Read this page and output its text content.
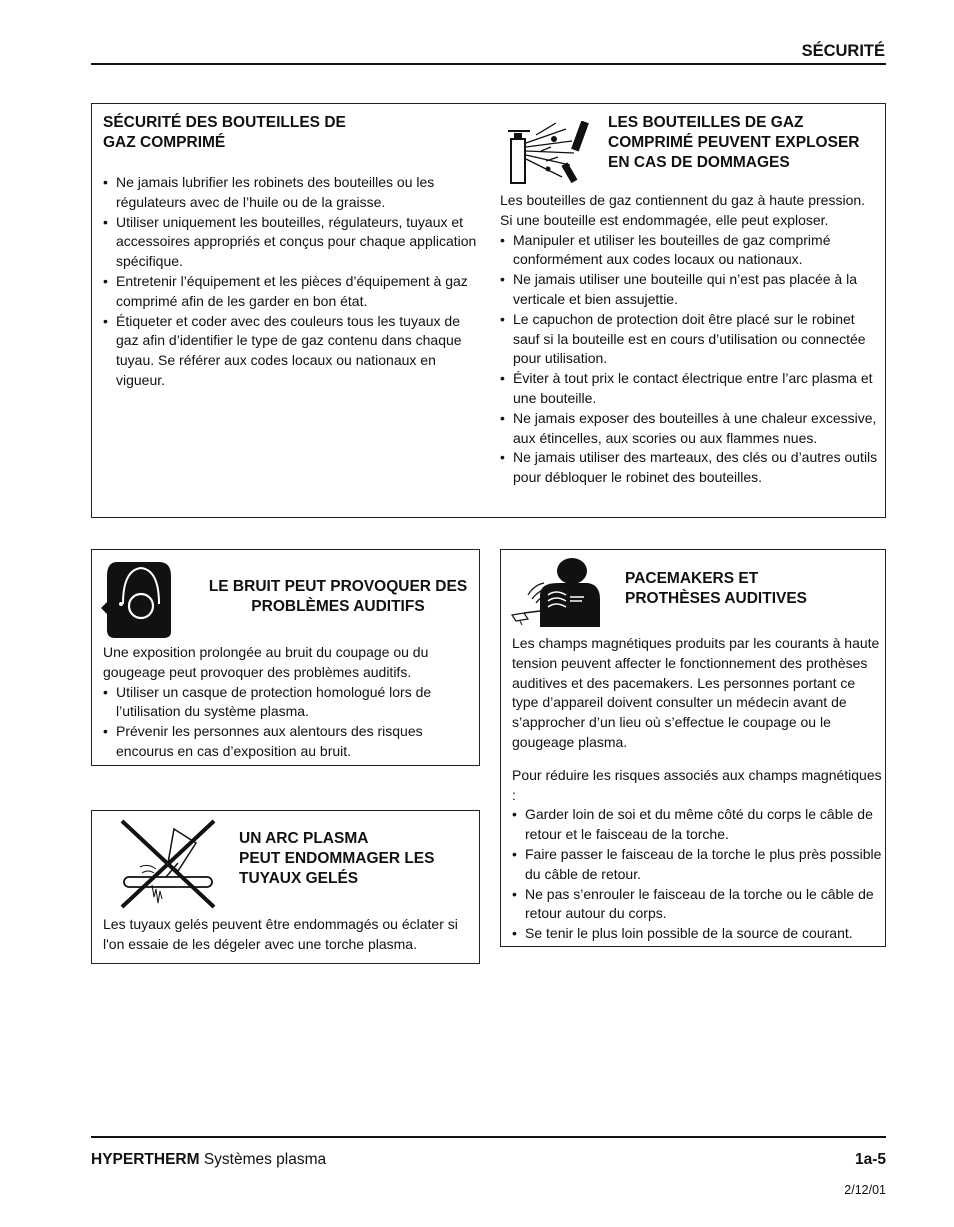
SÉCURITÉ
SÉCURITÉ DES BOUTEILLES DE
GAZ COMPRIMÉ
• Ne jamais lubrifier les robinets des bouteilles ou les régulateurs avec de l’huile ou de la graisse.
• Utiliser uniquement les bouteilles, régulateurs, tuyaux et accessoires appropriés et conçus pour chaque application spécifique.
• Entretenir l’équipement et les pièces d’équipement à gaz comprimé afin de les garder en bon état.
• Étiqueter et coder avec des couleurs tous les tuyaux de gaz afin d’identifier le type de gaz contenu dans chaque tuyau. Se référer aux codes locaux ou nationaux en vigueur.
LES BOUTEILLES DE GAZ
COMPRIMÉ PEUVENT EXPLOSER
EN CAS DE DOMMAGES

Les bouteilles de gaz contiennent du gaz à haute pression. Si une bouteille est endommagée, elle peut exploser.

• Manipuler et utiliser les bouteilles de gaz comprimé conformément aux codes locaux ou nationaux.
• Ne jamais utiliser une bouteille qui n’est pas placée à la verticale et bien assujettie.
• Le capuchon de protection doit être placé sur le robinet sauf si la bouteille est en cours d’utilisation ou connectée pour utilisation.
• Éviter à tout prix le contact électrique entre l’arc plasma et une bouteille.
• Ne jamais exposer des bouteilles à une chaleur excessive, aux étincelles, aux scories ou aux flammes nues.
• Ne jamais utiliser des marteaux, des clés ou d’autres outils pour débloquer le robinet des bouteilles.
LE BRUIT PEUT PROVOQUER DES
PROBLÈMES AUDITIFS

Une exposition prolongée au bruit du coupage ou du gougeage peut provoquer des problèmes auditifs.

• Utiliser un casque de protection homologué lors de l’utilisation du système plasma.
• Prévenir les personnes aux alentours des risques encourus en cas d’exposition au bruit.
PACEMAKERS ET
PROTHÈSES AUDITIVES

Les champs magnétiques produits par les courants à haute tension peuvent affecter le fonctionnement des prothèses auditives et des pacemakers. Les personnes portant ce type d’appareil doivent consulter un médecin avant de s’approcher d’un lieu où s’effectue le coupage ou le gougeage plasma.

Pour réduire les risques associés aux champs magnétiques :

• Garder loin de soi et du même côté du corps le câble de retour et le faisceau de la torche.
• Faire passer le faisceau de la torche le plus près possible du câble de retour.
• Ne pas s’enrouler le faisceau de la torche ou le câble de retour autour du corps.
• Se tenir le plus loin possible de la source de courant.
UN ARC PLASMA
PEUT ENDOMMAGER LES
TUYAUX GELÉS

Les tuyaux gelés peuvent être endommagés ou éclater si l'on essaie de les dégeler avec une torche plasma.

HYPERTHERM Systèmes plasma	1a-5
2/12/01
